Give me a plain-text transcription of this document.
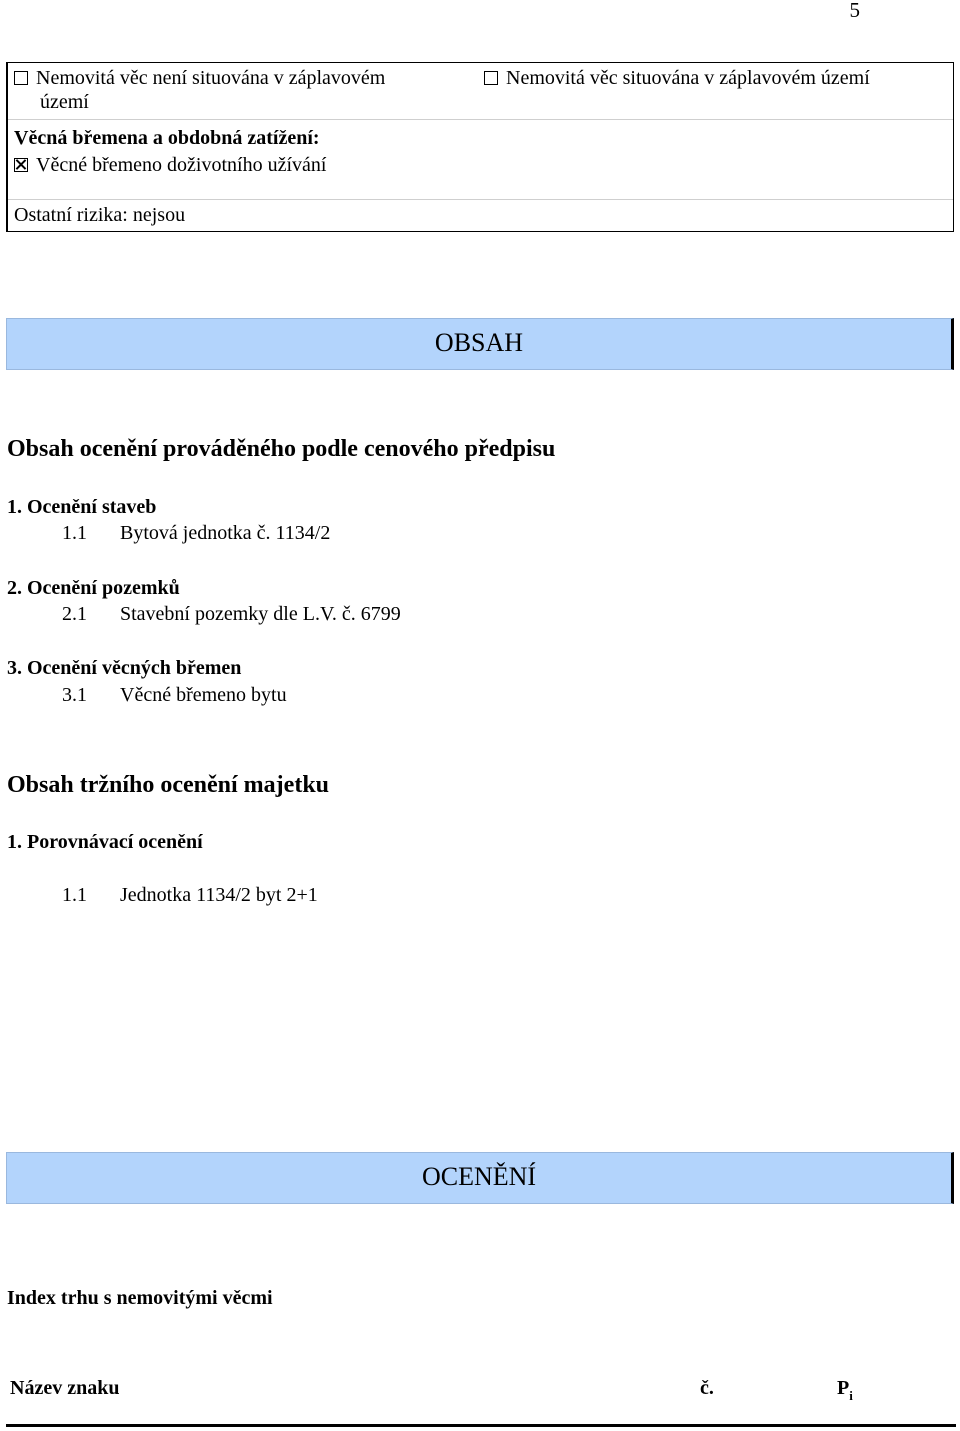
5
Nemovitá věc není situována v záplavovém
území
Nemovitá věc situována v záplavovém území
Věcná břemena a obdobná zatížení:
Věcné břemeno doživotního užívání
Ostatní rizika: nejsou
OBSAH
Obsah ocenění prováděného podle cenového předpisu
1. Ocenění staveb
1.1 Bytová jednotka č. 1134/2
2. Ocenění pozemků
2.1 Stavební pozemky dle L.V. č. 6799
3. Ocenění věcných břemen
3.1 Věcné břemeno bytu
Obsah tržního ocenění majetku
1. Porovnávací ocenění
1.1 Jednotka 1134/2 byt 2+1
OCENĚNÍ
Index trhu s nemovitými věcmi
Název znaku	č.	$P_i$
